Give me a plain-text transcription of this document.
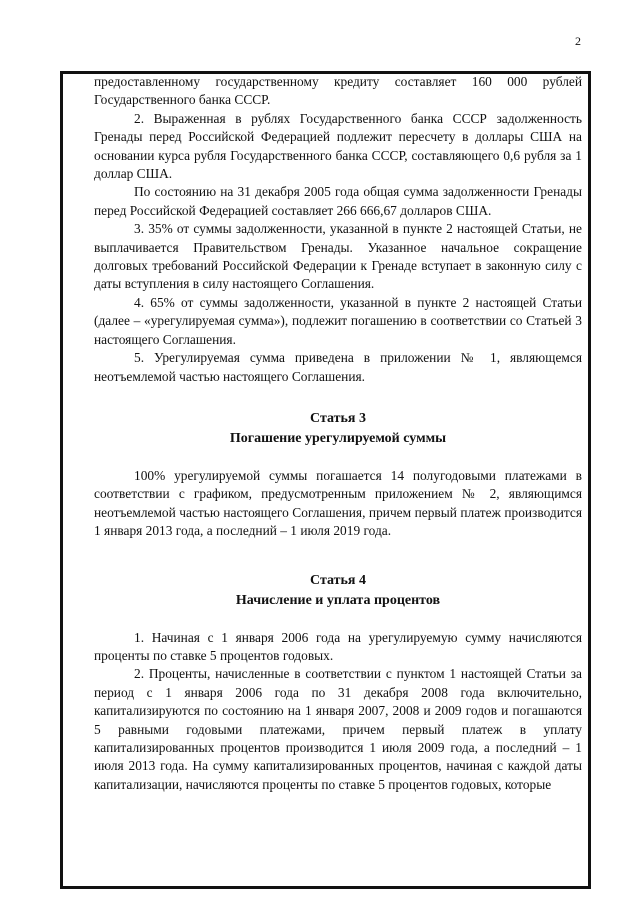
2

предоставленному государственному кредиту составляет 160 000 рублей Государственного банка СССР.

2. Выраженная в рублях Государственного банка СССР задолженность Гренады перед Российской Федерацией подлежит пересчету в доллары США на основании курса рубля Государственного банка СССР, составляющего 0,6 рубля за 1 доллар США.

По состоянию на 31 декабря 2005 года общая сумма задолженности Гренады перед Российской Федерацией составляет 266 666,67 долларов США.

3. 35% от суммы задолженности, указанной в пункте 2 настоящей Статьи, не выплачивается Правительством Гренады. Указанное начальное сокращение долговых требований Российской Федерации к Гренаде вступает в законную силу с даты вступления в силу настоящего Соглашения.

4. 65% от суммы задолженности, указанной в пункте 2 настоящей Статьи (далее – «урегулируемая сумма»), подлежит погашению в соответствии со Статьей 3 настоящего Соглашения.

5. Урегулируемая сумма приведена в приложении № 1, являющемся неотъемлемой частью настоящего Соглашения.

Статья 3
Погашение урегулируемой суммы

100% урегулируемой суммы погашается 14 полугодовыми платежами в соответствии с графиком, предусмотренным приложением № 2, являющимся неотъемлемой частью настоящего Соглашения, причем первый платеж производится 1 января 2013 года, а последний – 1 июля 2019 года.

Статья 4
Начисление и уплата процентов

1. Начиная с 1 января 2006 года на урегулируемую сумму начисляются проценты по ставке 5 процентов годовых.

2. Проценты, начисленные в соответствии с пунктом 1 настоящей Статьи за период с 1 января 2006 года по 31 декабря 2008 года включительно, капитализируются по состоянию на 1 января 2007, 2008 и 2009 годов и погашаются 5 равными годовыми платежами, причем первый платеж в уплату капитализированных процентов производится 1 июля 2009 года, а последний – 1 июля 2013 года. На сумму капитализированных процентов, начиная с каждой даты капитализации, начисляются проценты по ставке 5 процентов годовых, которые
